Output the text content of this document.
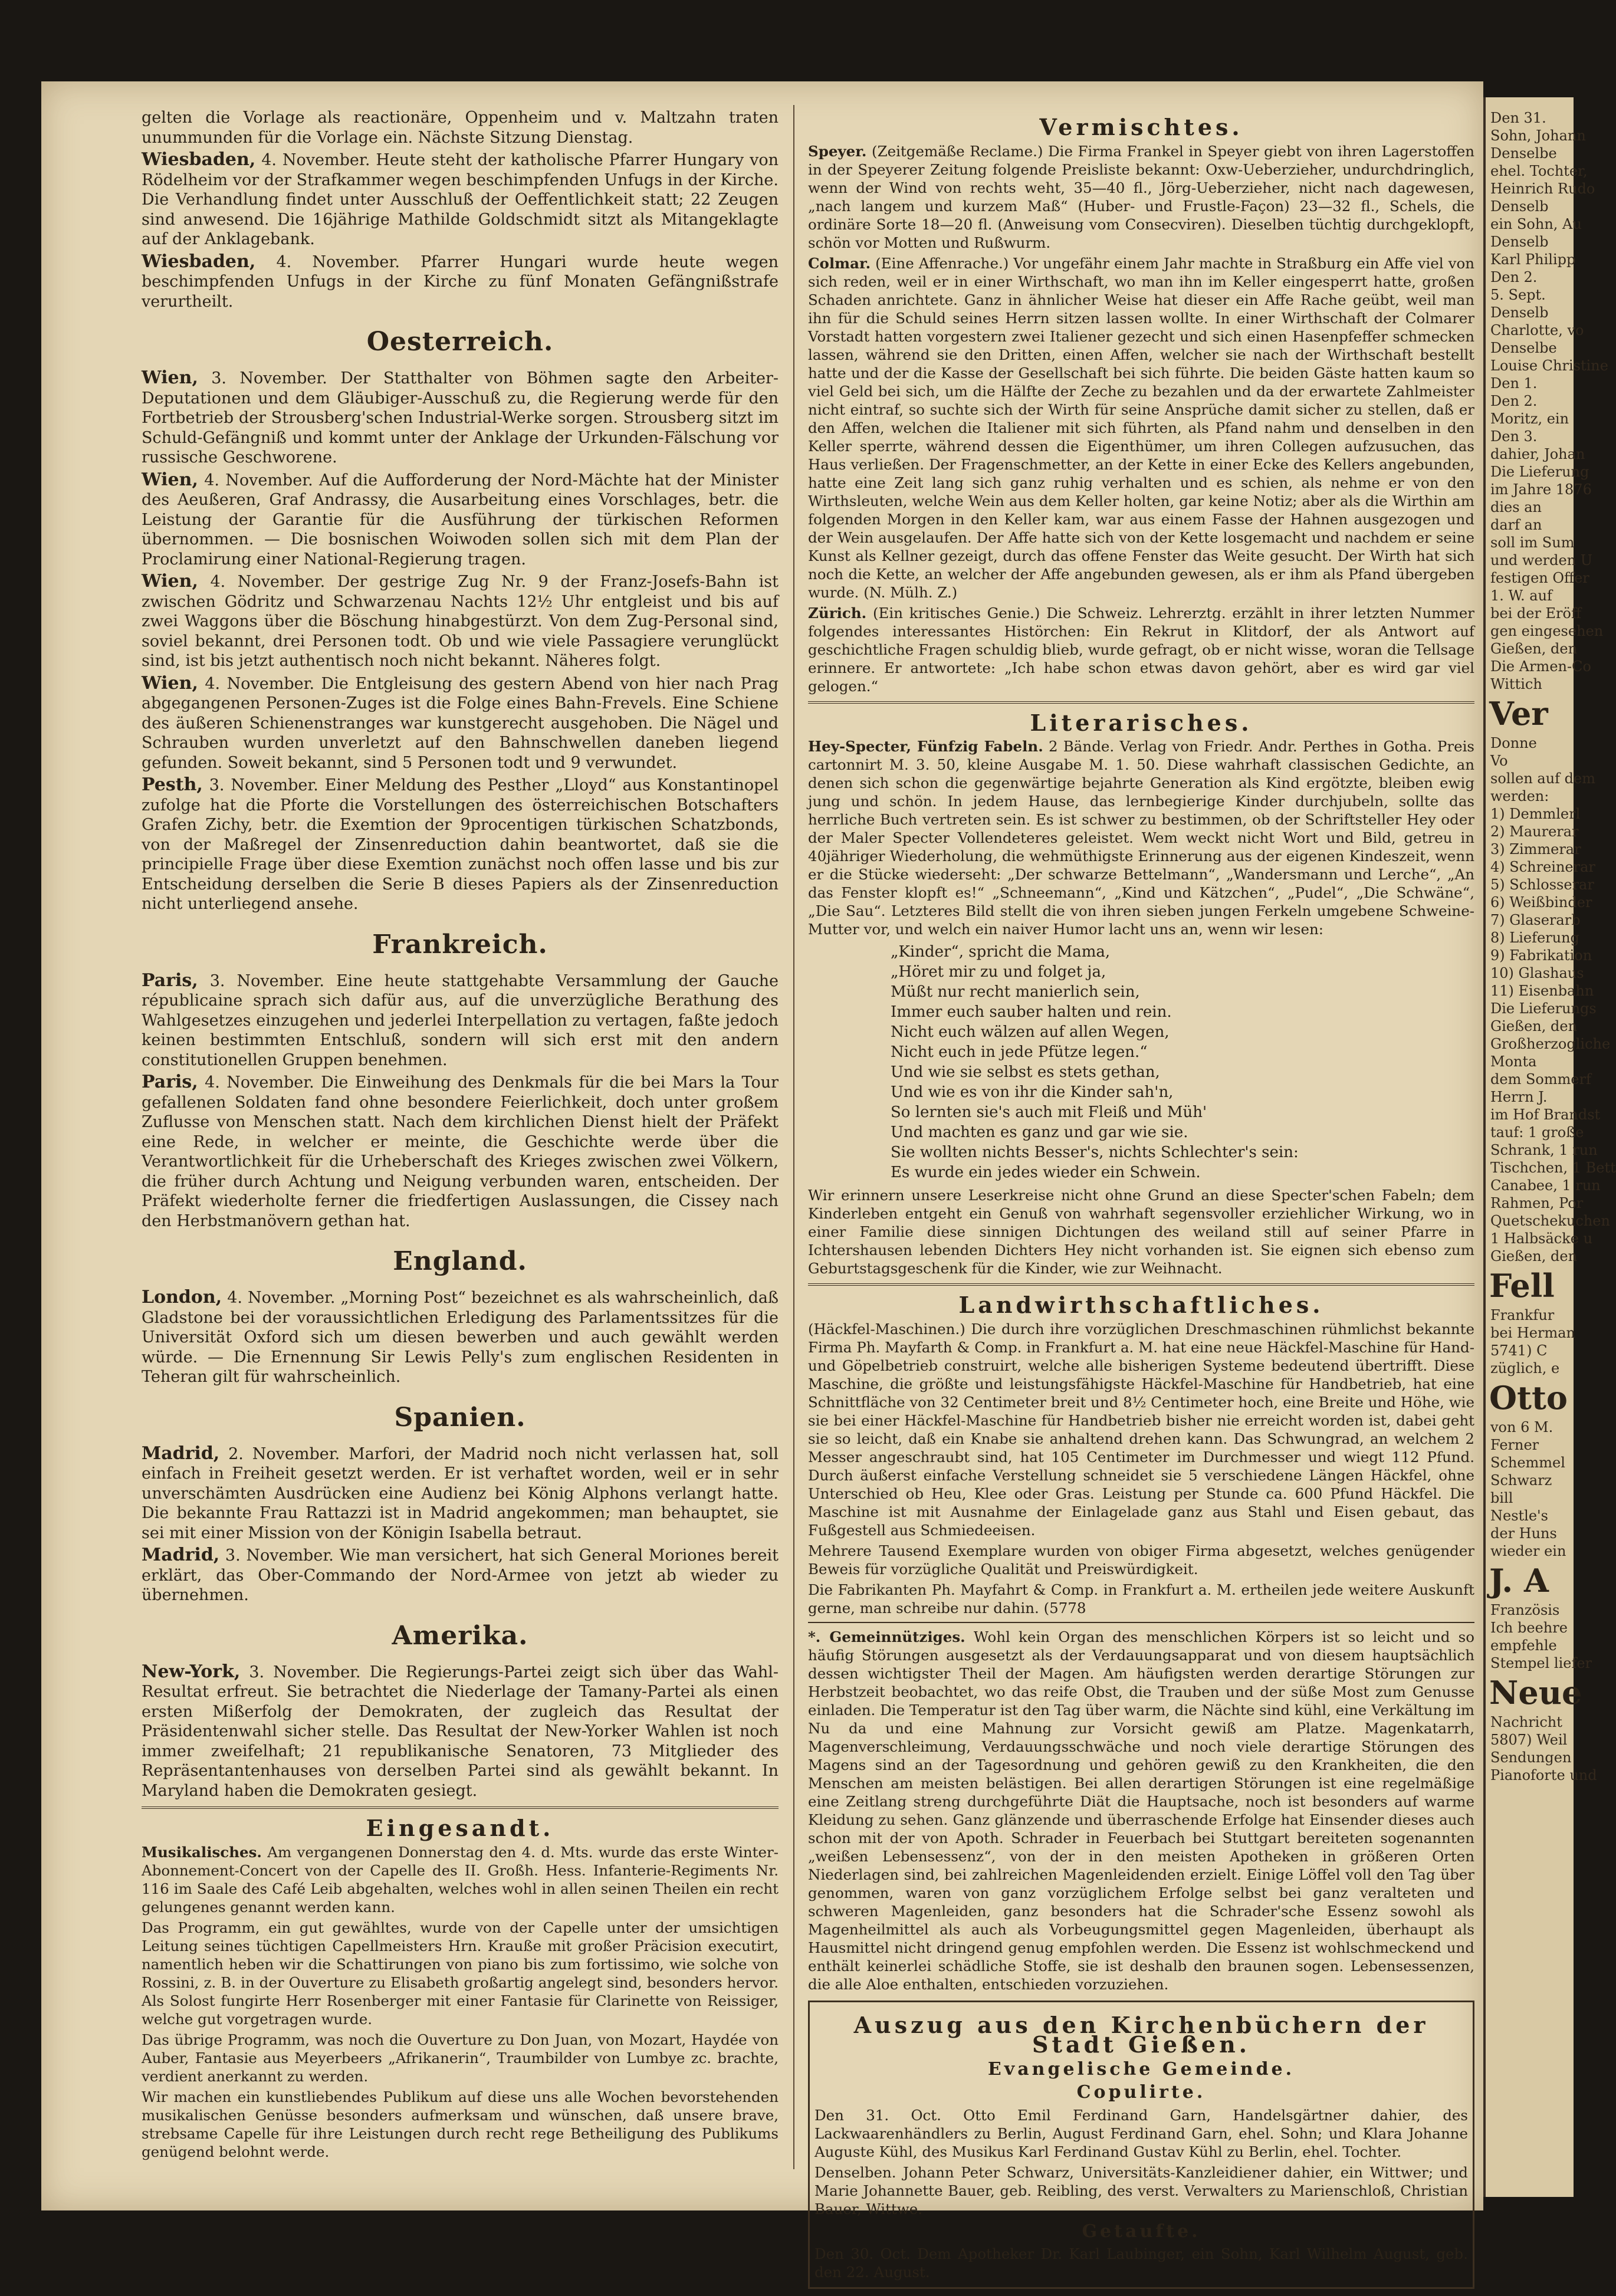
gelten die Vorlage als reactionäre, Oppenheim und v. Maltzahn traten unummunden für die Vorlage ein. Nächste Sitzung Dienstag.

Wiesbaden, 4. November. Heute steht der katholische Pfarrer Hungary von Rödelheim vor der Strafkammer wegen beschimpfenden Unfugs in der Kirche. Die Verhandlung findet unter Ausschluß der Oeffentlichkeit statt; 22 Zeugen sind anwesend. Die 16jährige Mathilde Goldschmidt sitzt als Mitangeklagte auf der Anklagebank.

Wiesbaden, 4. November. Pfarrer Hungari wurde heute wegen beschimpfenden Unfugs in der Kirche zu fünf Monaten Gefängnißstrafe verurtheilt.

Oesterreich.

Wien, 3. November. Der Statthalter von Böhmen sagte den Arbeiter-Deputationen und dem Gläubiger-Ausschuß zu, die Regierung werde für den Fortbetrieb der Strousberg'schen Industrial-Werke sorgen. Strousberg sitzt im Schuld-Gefängniß und kommt unter der Anklage der Urkunden-Fälschung vor russische Geschworene.

Wien, 4. November. Auf die Aufforderung der Nord-Mächte hat der Minister des Aeußeren, Graf Andrassy, die Ausarbeitung eines Vorschlages, betr. die Leistung der Garantie für die Ausführung der türkischen Reformen übernommen. — Die bosnischen Woiwoden sollen sich mit dem Plan der Proclamirung einer National-Regierung tragen.

Wien, 4. November. Der gestrige Zug Nr. 9 der Franz-Josefs-Bahn ist zwischen Gödritz und Schwarzenau Nachts 12½ Uhr entgleist und bis auf zwei Waggons über die Böschung hinabgestürzt. Von dem Zug-Personal sind, soviel bekannt, drei Personen todt. Ob und wie viele Passagiere verunglückt sind, ist bis jetzt authentisch noch nicht bekannt. Näheres folgt.

Wien, 4. November. Die Entgleisung des gestern Abend von hier nach Prag abgegangenen Personen-Zuges ist die Folge eines Bahn-Frevels. Eine Schiene des äußeren Schienenstranges war kunstgerecht ausgehoben. Die Nägel und Schrauben wurden unverletzt auf den Bahnschwellen daneben liegend gefunden. Soweit bekannt, sind 5 Personen todt und 9 verwundet.

Pesth, 3. November. Einer Meldung des Pesther „Lloyd“ aus Konstantinopel zufolge hat die Pforte die Vorstellungen des österreichischen Botschafters Grafen Zichy, betr. die Exemtion der 9procentigen türkischen Schatzbonds, von der Maßregel der Zinsenreduction dahin beantwortet, daß sie die principielle Frage über diese Exemtion zunächst noch offen lasse und bis zur Entscheidung derselben die Serie B dieses Papiers als der Zinsenreduction nicht unterliegend ansehe.

Frankreich.

Paris, 3. November. Eine heute stattgehabte Versammlung der Gauche républicaine sprach sich dafür aus, auf die unverzügliche Berathung des Wahlgesetzes einzugehen und jederlei Interpellation zu vertagen, faßte jedoch keinen bestimmten Entschluß, sondern will sich erst mit den andern constitutionellen Gruppen benehmen.

Paris, 4. November. Die Einweihung des Denkmals für die bei Mars la Tour gefallenen Soldaten fand ohne besondere Feierlichkeit, doch unter großem Zuflusse von Menschen statt. Nach dem kirchlichen Dienst hielt der Präfekt eine Rede, in welcher er meinte, die Geschichte werde über die Verantwortlichkeit für die Urheberschaft des Krieges zwischen zwei Völkern, die früher durch Achtung und Neigung verbunden waren, entscheiden. Der Präfekt wiederholte ferner die friedfertigen Auslassungen, die Cissey nach den Herbstmanövern gethan hat.

England.

London, 4. November. „Morning Post“ bezeichnet es als wahrscheinlich, daß Gladstone bei der voraussichtlichen Erledigung des Parlamentssitzes für die Universität Oxford sich um diesen bewerben und auch gewählt werden würde. — Die Ernennung Sir Lewis Pelly's zum englischen Residenten in Teheran gilt für wahrscheinlich.

Spanien.

Madrid, 2. November. Marfori, der Madrid noch nicht verlassen hat, soll einfach in Freiheit gesetzt werden. Er ist verhaftet worden, weil er in sehr unverschämten Ausdrücken eine Audienz bei König Alphons verlangt hatte. Die bekannte Frau Rattazzi ist in Madrid angekommen; man behauptet, sie sei mit einer Mission von der Königin Isabella betraut.

Madrid, 3. November. Wie man versichert, hat sich General Moriones bereit erklärt, das Ober-Commando der Nord-Armee von jetzt ab wieder zu übernehmen.

Amerika.

New-York, 3. November. Die Regierungs-Partei zeigt sich über das Wahl-Resultat erfreut. Sie betrachtet die Niederlage der Tamany-Partei als einen ersten Mißerfolg der Demokraten, der zugleich das Resultat der Präsidentenwahl sicher stelle. Das Resultat der New-Yorker Wahlen ist noch immer zweifelhaft; 21 republikanische Senatoren, 73 Mitglieder des Repräsentantenhauses von derselben Partei sind als gewählt bekannt. In Maryland haben die Demokraten gesiegt.

Eingesandt.

Musikalisches. Am vergangenen Donnerstag den 4. d. Mts. wurde das erste Winter-Abonnement-Concert von der Capelle des II. Großh. Hess. Infanterie-Regiments Nr. 116 im Saale des Café Leib abgehalten, welches wohl in allen seinen Theilen ein recht gelungenes genannt werden kann.

Das Programm, ein gut gewähltes, wurde von der Capelle unter der umsichtigen Leitung seines tüchtigen Capellmeisters Hrn. Krauße mit großer Präcision executirt, namentlich heben wir die Schattirungen von piano bis zum fortissimo, wie solche von Rossini, z. B. in der Ouverture zu Elisabeth großartig angelegt sind, besonders hervor. Als Solost fungirte Herr Rosenberger mit einer Fantasie für Clarinette von Reissiger, welche gut vorgetragen wurde.

Das übrige Programm, was noch die Ouverture zu Don Juan, von Mozart, Haydée von Auber, Fantasie aus Meyerbeers „Afrikanerin“, Traumbilder von Lumbye zc. brachte, verdient anerkannt zu werden.

Wir machen ein kunstliebendes Publikum auf diese uns alle Wochen bevorstehenden musikalischen Genüsse besonders aufmerksam und wünschen, daß unsere brave, strebsame Capelle für ihre Leistungen durch recht rege Betheiligung des Publikums genügend belohnt werde.

Vermischtes.

Speyer. (Zeitgemäße Reclame.) Die Firma Frankel in Speyer giebt von ihren Lagerstoffen in der Speyerer Zeitung folgende Preisliste bekannt: Oxw-Ueberzieher, undurchdringlich, wenn der Wind von rechts weht, 35—40 fl., Jörg-Ueberzieher, nicht nach dagewesen, „nach langem und kurzem Maß“ (Huber- und Frustle-Façon) 23—32 fl., Schels, die ordinäre Sorte 18—20 fl. (Anweisung vom Consecviren). Dieselben tüchtig durchgeklopft, schön vor Motten und Rußwurm.

Colmar. (Eine Affenrache.) Vor ungefähr einem Jahr machte in Straßburg ein Affe viel von sich reden, weil er in einer Wirthschaft, wo man ihn im Keller eingesperrt hatte, großen Schaden anrichtete. Ganz in ähnlicher Weise hat dieser ein Affe Rache geübt, weil man ihn für die Schuld seines Herrn sitzen lassen wollte. In einer Wirthschaft der Colmarer Vorstadt hatten vorgestern zwei Italiener gezecht und sich einen Hasenpfeffer schmecken lassen, während sie den Dritten, einen Affen, welcher sie nach der Wirthschaft bestellt hatte und der die Kasse der Gesellschaft bei sich führte. Die beiden Gäste hatten kaum so viel Geld bei sich, um die Hälfte der Zeche zu bezahlen und da der erwartete Zahlmeister nicht eintraf, so suchte sich der Wirth für seine Ansprüche damit sicher zu stellen, daß er den Affen, welchen die Italiener mit sich führten, als Pfand nahm und denselben in den Keller sperrte, während dessen die Eigenthümer, um ihren Collegen aufzusuchen, das Haus verließen. Der Fragenschmetter, an der Kette in einer Ecke des Kellers angebunden, hatte eine Zeit lang sich ganz ruhig verhalten und es schien, als nehme er von den Wirthsleuten, welche Wein aus dem Keller holten, gar keine Notiz; aber als die Wirthin am folgenden Morgen in den Keller kam, war aus einem Fasse der Hahnen ausgezogen und der Wein ausgelaufen. Der Affe hatte sich von der Kette losgemacht und nachdem er seine Kunst als Kellner gezeigt, durch das offene Fenster das Weite gesucht. Der Wirth hat sich noch die Kette, an welcher der Affe angebunden gewesen, als er ihm als Pfand übergeben wurde. (N. Mülh. Z.)

Zürich. (Ein kritisches Genie.) Die Schweiz. Lehrerztg. erzählt in ihrer letzten Nummer folgendes interessantes Histörchen: Ein Rekrut in Klitdorf, der als Antwort auf geschichtliche Fragen schuldig blieb, wurde gefragt, ob er nicht wisse, woran die Tellsage erinnere. Er antwortete: „Ich habe schon etwas davon gehört, aber es wird gar viel gelogen.“

Literarisches.

Hey-Specter, Fünfzig Fabeln. 2 Bände. Verlag von Friedr. Andr. Perthes in Gotha. Preis cartonnirt M. 3. 50, kleine Ausgabe M. 1. 50. Diese wahrhaft classischen Gedichte, an denen sich schon die gegenwärtige bejahrte Generation als Kind ergötzte, bleiben ewig jung und schön. In jedem Hause, das lernbegierige Kinder durchjubeln, sollte das herrliche Buch vertreten sein. Es ist schwer zu bestimmen, ob der Schriftsteller Hey oder der Maler Specter Vollendeteres geleistet. Wem weckt nicht Wort und Bild, getreu in 40jähriger Wiederholung, die wehmüthigste Erinnerung aus der eigenen Kindeszeit, wenn er die Stücke wiederseht: „Der schwarze Bettelmann“, „Wandersmann und Lerche“, „An das Fenster klopft es!“ „Schneemann“, „Kind und Kätzchen“, „Pudel“, „Die Schwäne“, „Die Sau“. Letzteres Bild stellt die von ihren sieben jungen Ferkeln umgebene Schweine-Mutter vor, und welch ein naiver Humor lacht uns an, wenn wir lesen:

„Kinder“, spricht die Mama,
„Höret mir zu und folget ja,
Müßt nur recht manierlich sein,
Immer euch sauber halten und rein.
Nicht euch wälzen auf allen Wegen,
Nicht euch in jede Pfütze legen.“
Und wie sie selbst es stets gethan,
Und wie es von ihr die Kinder sah'n,
So lernten sie's auch mit Fleiß und Müh'
Und machten es ganz und gar wie sie.
Sie wollten nichts Besser's, nichts Schlechter's sein:
Es wurde ein jedes wieder ein Schwein.

Wir erinnern unsere Leserkreise nicht ohne Grund an diese Specter'schen Fabeln; dem Kinderleben entgeht ein Genuß von wahrhaft segensvoller erziehlicher Wirkung, wo in einer Familie diese sinnigen Dichtungen des weiland still auf seiner Pfarre in Ichtershausen lebenden Dichters Hey nicht vorhanden ist. Sie eignen sich ebenso zum Geburtstagsgeschenk für die Kinder, wie zur Weihnacht.

Landwirthschaftliches.

(Häckfel-Maschinen.) Die durch ihre vorzüglichen Dreschmaschinen rühmlichst bekannte Firma Ph. Mayfarth & Comp. in Frankfurt a. M. hat eine neue Häckfel-Maschine für Hand- und Göpelbetrieb construirt, welche alle bisherigen Systeme bedeutend übertrifft. Diese Maschine, die größte und leistungsfähigste Häckfel-Maschine für Handbetrieb, hat eine Schnittfläche von 32 Centimeter breit und 8½ Centimeter hoch, eine Breite und Höhe, wie sie bei einer Häckfel-Maschine für Handbetrieb bisher nie erreicht worden ist, dabei geht sie so leicht, daß ein Knabe sie anhaltend drehen kann. Das Schwungrad, an welchem 2 Messer angeschraubt sind, hat 105 Centimeter im Durchmesser und wiegt 112 Pfund. Durch äußerst einfache Verstellung schneidet sie 5 verschiedene Längen Häckfel, ohne Unterschied ob Heu, Klee oder Gras. Leistung per Stunde ca. 600 Pfund Häckfel. Die Maschine ist mit Ausnahme der Einlagelade ganz aus Stahl und Eisen gebaut, das Fußgestell aus Schmiedeeisen.

Mehrere Tausend Exemplare wurden von obiger Firma abgesetzt, welches genügender Beweis für vorzügliche Qualität und Preiswürdigkeit.

Die Fabrikanten Ph. Mayfahrt & Comp. in Frankfurt a. M. ertheilen jede weitere Auskunft gerne, man schreibe nur dahin. (5778

*. Gemeinnütziges. Wohl kein Organ des menschlichen Körpers ist so leicht und so häufig Störungen ausgesetzt als der Verdauungsapparat und von diesem hauptsächlich dessen wichtigster Theil der Magen. Am häufigsten werden derartige Störungen zur Herbstzeit beobachtet, wo das reife Obst, die Trauben und der süße Most zum Genusse einladen. Die Temperatur ist den Tag über warm, die Nächte sind kühl, eine Verkältung im Nu da und eine Mahnung zur Vorsicht gewiß am Platze. Magenkatarrh, Magenverschleimung, Verdauungsschwäche und noch viele derartige Störungen des Magens sind an der Tagesordnung und gehören gewiß zu den Krankheiten, die den Menschen am meisten belästigen. Bei allen derartigen Störungen ist eine regelmäßige eine Zeitlang streng durchgeführte Diät die Hauptsache, noch ist besonders auf warme Kleidung zu sehen. Ganz glänzende und überraschende Erfolge hat Einsender dieses auch schon mit der von Apoth. Schrader in Feuerbach bei Stuttgart bereiteten sogenannten „weißen Lebensessenz“, von der in den meisten Apotheken in größeren Orten Niederlagen sind, bei zahlreichen Magenleidenden erzielt. Einige Löffel voll den Tag über genommen, waren von ganz vorzüglichem Erfolge selbst bei ganz veralteten und schweren Magenleiden, ganz besonders hat die Schrader'sche Essenz sowohl als Magenheilmittel als auch als Vorbeugungsmittel gegen Magenleiden, überhaupt als Hausmittel nicht dringend genug empfohlen werden. Die Essenz ist wohlschmeckend und enthält keinerlei schädliche Stoffe, sie ist deshalb den braunen sogen. Lebensessenzen, die alle Aloe enthalten, entschieden vorzuziehen.

Auszug aus den Kirchenbüchern der Stadt Gießen.
Evangelische Gemeinde.
Copulirte.

Den 31. Oct. Otto Emil Ferdinand Garn, Handelsgärtner dahier, des Lackwaarenhändlers zu Berlin, August Ferdinand Garn, ehel. Sohn; und Klara Johanne Auguste Kühl, des Musikus Karl Ferdinand Gustav Kühl zu Berlin, ehel. Tochter.

Denselben. Johann Peter Schwarz, Universitäts-Kanzleidiener dahier, ein Wittwer; und Marie Johannette Bauer, geb. Reibling, des verst. Verwalters zu Marienschloß, Christian Bauer, Wittwe.

Getaufte.

Den 30. Oct. Dem Apotheker Dr. Karl Laubinger, ein Sohn, Karl Wilhelm August, geb. den 22. August.

Den 31.
Sohn, Johann
Denselbe
ehel. Tochter,
Heinrich Rudo
Denselb
ein Sohn, Au
Denselb
Karl Philipp
Den 2.
5. Sept.
Denselb
Charlotte, vo
Denselbe
Louise Christine
Den 1.
Den 2.
Moritz, ein
Den 3.
dahier, Johan
Die Lieferung
im Jahre 1876
dies an
darf an
soll im Sum
und werden U
festigen Offer
1. W. auf
bei der Eröff
gen eingesehen
Gießen, den
Die Armen-Co
Wittich
Ver
Donne
Vo
sollen auf dem
werden:
1) Demmlerl
2) Maurerar
3) Zimmerar
4) Schreinerar
5) Schlosserar
6) Weißbinder
7) Glaserarb
8) Lieferung
9) Fabrikation
10) Glashaus
11) Eisenbahn
Die Lieferungs
Gießen, den
Großherzogliche
Monta
dem Sommerf
Herrn J.
im Hof Brandst
tauf: 1 große
Schrank, 1 run
Tischchen, 1 Bett
Canabee, 1 run
Rahmen, Por
Quetschekuchen
1 Halbsäcke u
Gießen, den
Fell
Frankfur
bei Herman
5741) C
züglich, e
Otto
von 6 M.
Ferner
Schemmel
Schwarz
bill
Nestle's
der Huns
wieder ein
J. A
Französis
Ich beehre
empfehle
Stempel liefer
Neue
Nachricht
5807) Weil
Sendungen
Pianoforte und
